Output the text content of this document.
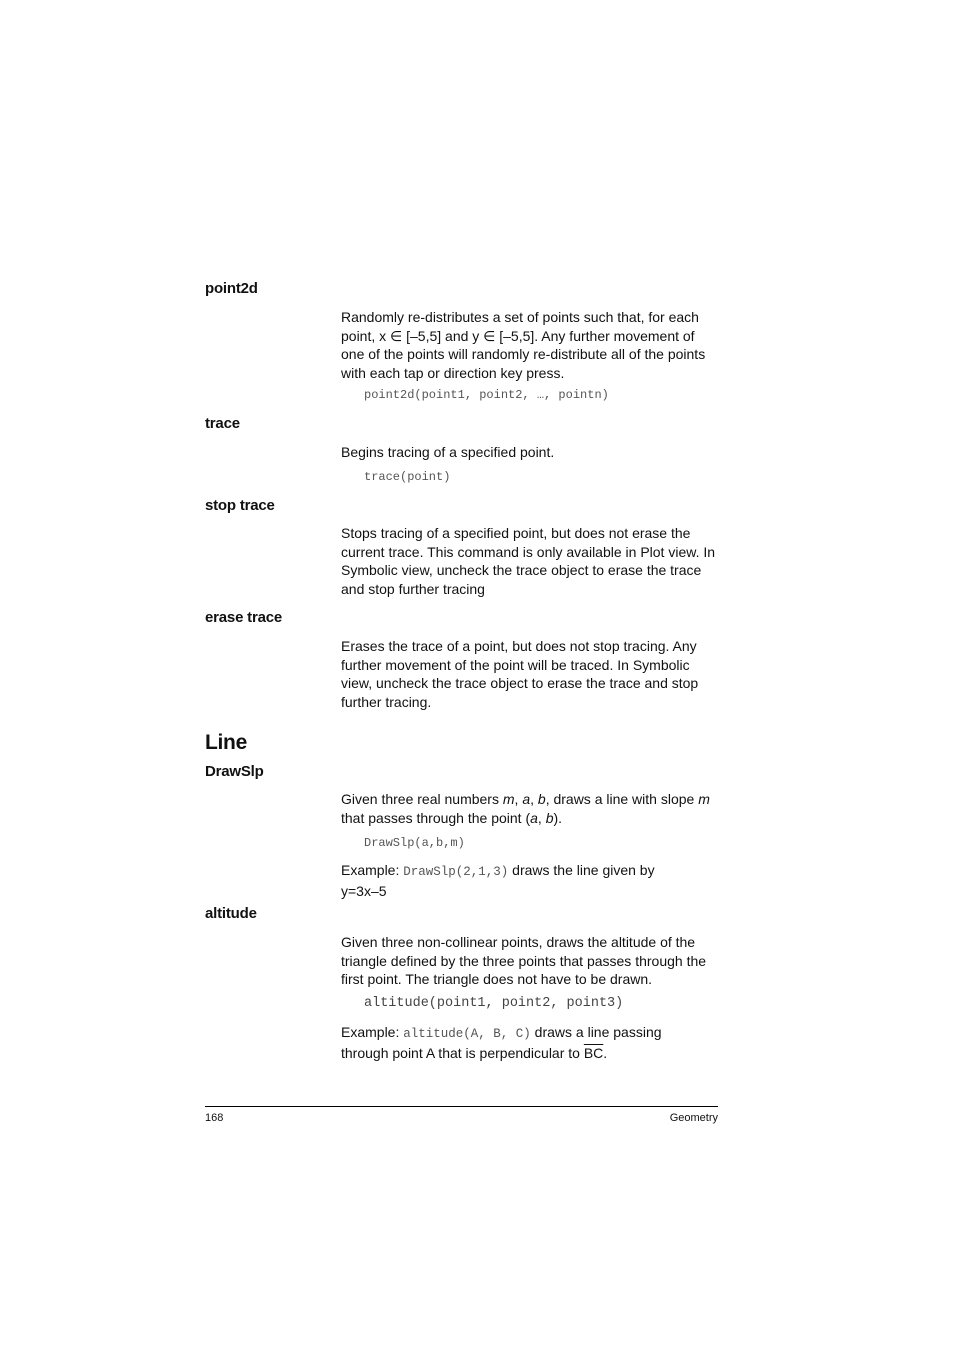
point2d
Randomly re-distributes a set of points such that, for each point, x ∈ [–5,5] and y ∈ [–5,5]. Any further movement of one of the points will randomly re-distribute all of the points with each tap or direction key press.
point2d(point1, point2, …, pointn)
trace
Begins tracing of a specified point.
trace(point)
stop trace
Stops tracing of a specified point, but does not erase the current trace. This command is only available in Plot view. In Symbolic view, uncheck the trace object to erase the trace and stop further tracing
erase trace
Erases the trace of a point, but does not stop tracing. Any further movement of the point will be traced. In Symbolic view, uncheck the trace object to erase the trace and stop further tracing.
Line
DrawSlp
Given three real numbers m, a, b, draws a line with slope m that passes through the point (a, b).
DrawSlp(a,b,m)
Example: DrawSlp(2,1,3) draws the line given by y=3x–5
altitude
Given three non-collinear points, draws the altitude of the triangle defined by the three points that passes through the first point. The triangle does not have to be drawn.
altitude(point1, point2, point3)
Example: altitude(A, B, C) draws a line passing through point A that is perpendicular to $\overline{BC}$.
168	Geometry
